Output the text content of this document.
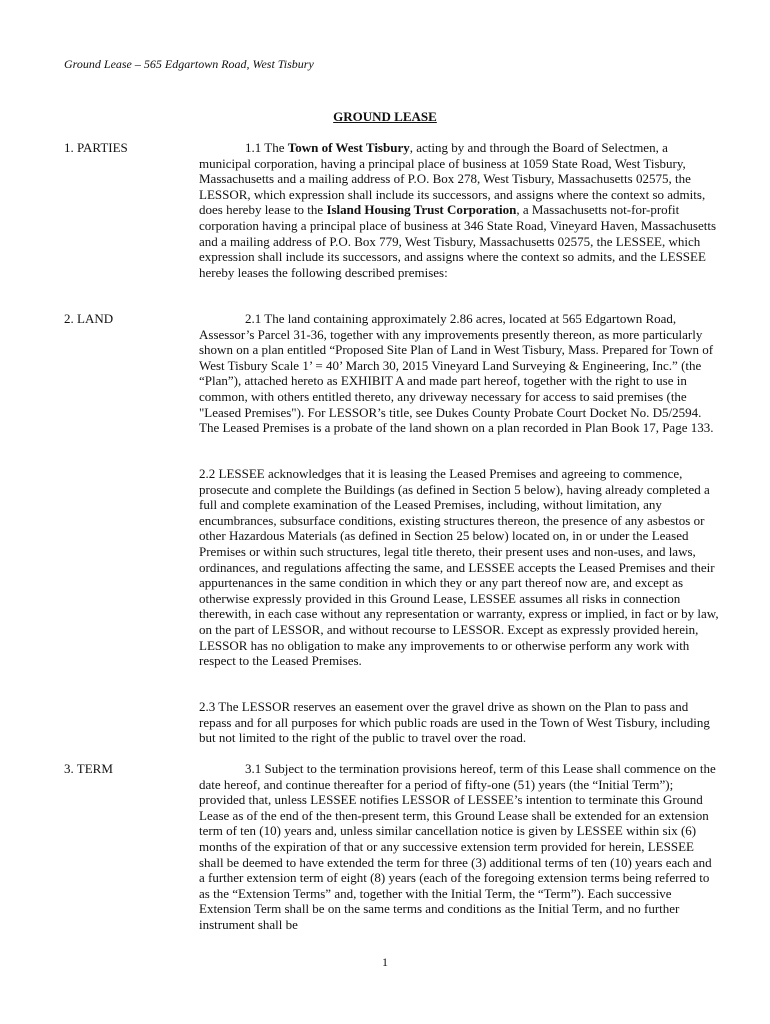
Ground Lease – 565 Edgartown Road, West Tisbury
GROUND LEASE
1. PARTIES	1.1 The Town of West Tisbury, acting by and through the Board of Selectmen, a municipal corporation, having a principal place of business at 1059 State Road, West Tisbury, Massachusetts and a mailing address of P.O. Box 278, West Tisbury, Massachusetts 02575, the LESSOR, which expression shall include its successors, and assigns where the context so admits, does hereby lease to the Island Housing Trust Corporation, a Massachusetts not-for-profit corporation having a principal place of business at 346 State Road, Vineyard Haven, Massachusetts and a mailing address of P.O. Box 779, West Tisbury, Massachusetts 02575, the LESSEE, which expression shall include its successors, and assigns where the context so admits, and the LESSEE hereby leases the following described premises:

2. LAND	2.1 The land containing approximately 2.86 acres, located at 565 Edgartown Road, Assessor’s Parcel 31-36, together with any improvements presently thereon, as more particularly shown on a plan entitled “Proposed Site Plan of Land in West Tisbury, Mass. Prepared for Town of West Tisbury Scale 1’ = 40’ March 30, 2015 Vineyard Land Surveying & Engineering, Inc.” (the “Plan”), attached hereto as EXHIBIT A and made part hereof, together with the right to use in common, with others entitled thereto, any driveway necessary for access to said premises (the "Leased Premises"). For LESSOR’s title, see Dukes County Probate Court Docket No. D5/2594. The Leased Premises is a probate of the land shown on a plan recorded in Plan Book 17, Page 133.

2.2 LESSEE acknowledges that it is leasing the Leased Premises and agreeing to commence, prosecute and complete the Buildings (as defined in Section 5 below), having already completed a full and complete examination of the Leased Premises, including, without limitation, any encumbrances, subsurface conditions, existing structures thereon, the presence of any asbestos or other Hazardous Materials (as defined in Section 25 below) located on, in or under the Leased Premises or within such structures, legal title thereto, their present uses and non-uses, and laws, ordinances, and regulations affecting the same, and LESSEE accepts the Leased Premises and their appurtenances in the same condition in which they or any part thereof now are, and except as otherwise expressly provided in this Ground Lease, LESSEE assumes all risks in connection therewith, in each case without any representation or warranty, express or implied, in fact or by law, on the part of LESSOR, and without recourse to LESSOR. Except as expressly provided herein, LESSOR has no obligation to make any improvements to or otherwise perform any work with respect to the Leased Premises.

2.3 The LESSOR reserves an easement over the gravel drive as shown on the Plan to pass and repass and for all purposes for which public roads are used in the Town of West Tisbury, including but not limited to the right of the public to travel over the road.

3. TERM	3.1 Subject to the termination provisions hereof, term of this Lease shall commence on the date hereof, and continue thereafter for a period of fifty-one (51) years (the “Initial Term”); provided that, unless LESSEE notifies LESSOR of LESSEE’s intention to terminate this Ground Lease as of the end of the then-present term, this Ground Lease shall be extended for an extension term of ten (10) years and, unless similar cancellation notice is given by LESSEE within six (6) months of the expiration of that or any successive extension term provided for herein, LESSEE shall be deemed to have extended the term for three (3) additional terms of ten (10) years each and a further extension term of eight (8) years (each of the foregoing extension terms being referred to as the “Extension Terms” and, together with the Initial Term, the “Term”). Each successive Extension Term shall be on the same terms and conditions as the Initial Term, and no further instrument shall be

1
